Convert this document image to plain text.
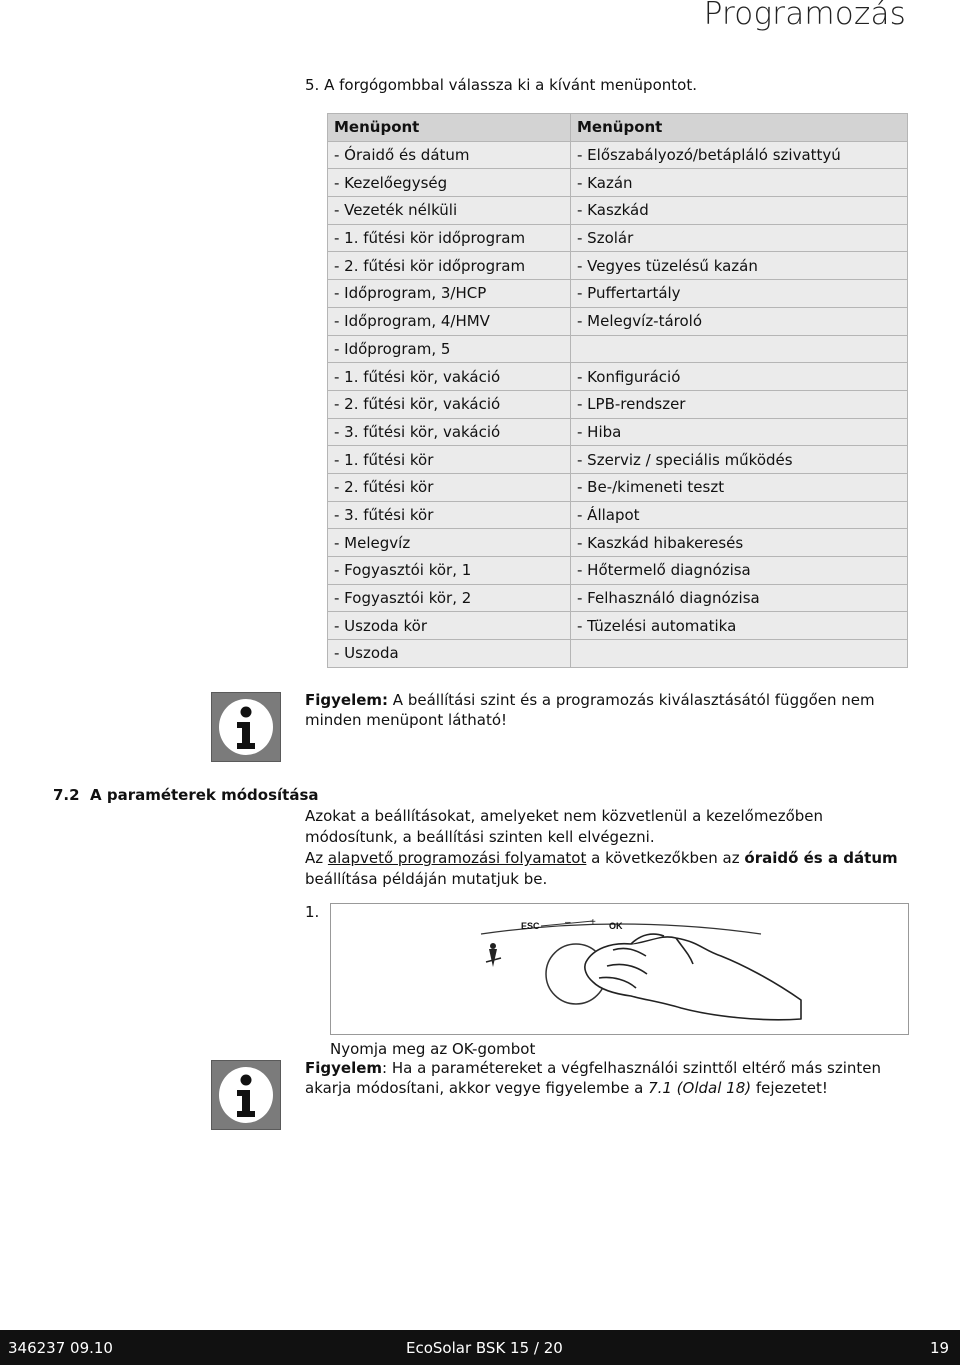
Programozás
5. A forgógombbal válassza ki a kívánt menüpontot.
Menüpont	Menüpont
- Óraidő és dátum	- Előszabályozó/betápláló szivattyú
- Kezelőegység	- Kazán
- Vezeték nélküli	- Kaszkád
- 1. fűtési kör időprogram	- Szolár
- 2. fűtési kör időprogram	- Vegyes tüzelésű kazán
- Időprogram, 3/HCP	- Puffertartály
- Időprogram, 4/HMV	- Melegvíz-tároló
- Időprogram, 5	
- 1. fűtési kör, vakáció	- Konfiguráció
- 2. fűtési kör, vakáció	- LPB-rendszer
- 3. fűtési kör, vakáció	- Hiba
- 1. fűtési kör	- Szerviz / speciális működés
- 2. fűtési kör	- Be-/kimeneti teszt
- 3. fűtési kör	- Állapot
- Melegvíz	- Kaszkád hibakeresés
- Fogyasztói kör, 1	- Hőtermelő diagnózisa
- Fogyasztói kör, 2	- Felhasználó diagnózisa
- Uszoda kör	- Tüzelési automatika
- Uszoda	
Figyelem: A beállítási szint és a programozás kiválasztásától függően nem minden menüpont látható!
7.2 A paraméterek módosítása
Azokat a beállításokat, amelyeket nem közvetlenül a kezelőmezőben módosítunk, a beállítási szinten kell elvégezni.
Az alapvető programozási folyamatot a következőkben az óraidő és a dátum beállítása példáján mutatjuk be.
1.
ESC	– + OK
Nyomja meg az OK-gombot
Figyelem: Ha a paramétereket a végfelhasználói szinttől eltérő más szinten akarja módosítani, akkor vegye figyelembe a 7.1 (Oldal 18) fejezetet!
346237 09.10	EcoSolar BSK 15 / 20	19
